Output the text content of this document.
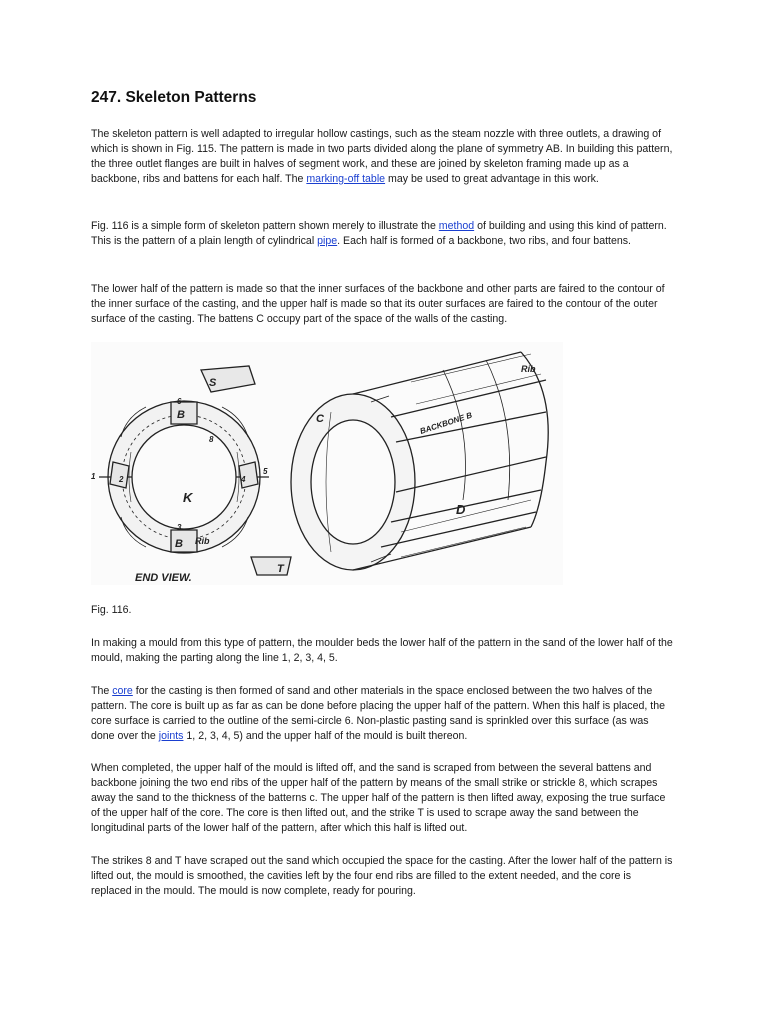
247. Skeleton Patterns

The skeleton pattern is well adapted to irregular hollow castings, such as the steam nozzle with three outlets, a drawing of which is shown in Fig. 115. The pattern is made in two parts divided along the plane of symmetry AB. In building this pattern, the three outlet flanges are built in halves of segment work, and these are joined by skeleton framing made up as a backbone, ribs and battens for each half. The marking-off table may be used to great advantage in this work.

Fig. 116 is a simple form of skeleton pattern shown merely to illustrate the method of building and using this kind of pattern. This is the pattern of a plain length of cylindrical pipe. Each half is formed of a backbone, two ribs, and four battens.

The lower half of the pattern is made so that the inner surfaces of the backbone and other parts are faired to the contour of the inner surface of the casting, and the upper half is made so that its outer surfaces are faired to the contour of the outer surface of the casting. The battens C occupy part of the space of the walls of the casting.

S
K
B
B Rib
T
1	2
3
4
5
6
8
C	BACKBONE B
Rib
D
END VIEW.

Fig. 116.

In making a mould from this type of pattern, the moulder beds the lower half of the pattern in the sand of the lower half of the mould, making the parting along the line 1, 2, 3, 4, 5.

The core for the casting is then formed of sand and other materials in the space enclosed between the two halves of the pattern. The core is built up as far as can be done before placing the upper half of the pattern. When this half is placed, the core surface is carried to the outline of the semi-circle 6. Non-plastic pasting sand is sprinkled over this surface (as was done over the joints 1, 2, 3, 4, 5) and the upper half of the mould is built thereon.

When completed, the upper half of the mould is lifted off, and the sand is scraped from between the several battens and backbone joining the two end ribs of the upper half of the pattern by means of the small strike or strickle 8, which scrapes away the sand to the thickness of the batterns c. The upper half of the pattern is then lifted away, exposing the true surface of the upper half of the core. The core is then lifted out, and the strike T is used to scrape away the sand between the longitudinal parts of the lower half of the pattern, after which this half is lifted out.

The strikes 8 and T have scraped out the sand which occupied the space for the casting. After the lower half of the pattern is lifted out, the mould is smoothed, the cavities left by the four end ribs are filled to the extent needed, and the core is replaced in the mould. The mould is now complete, ready for pouring.
